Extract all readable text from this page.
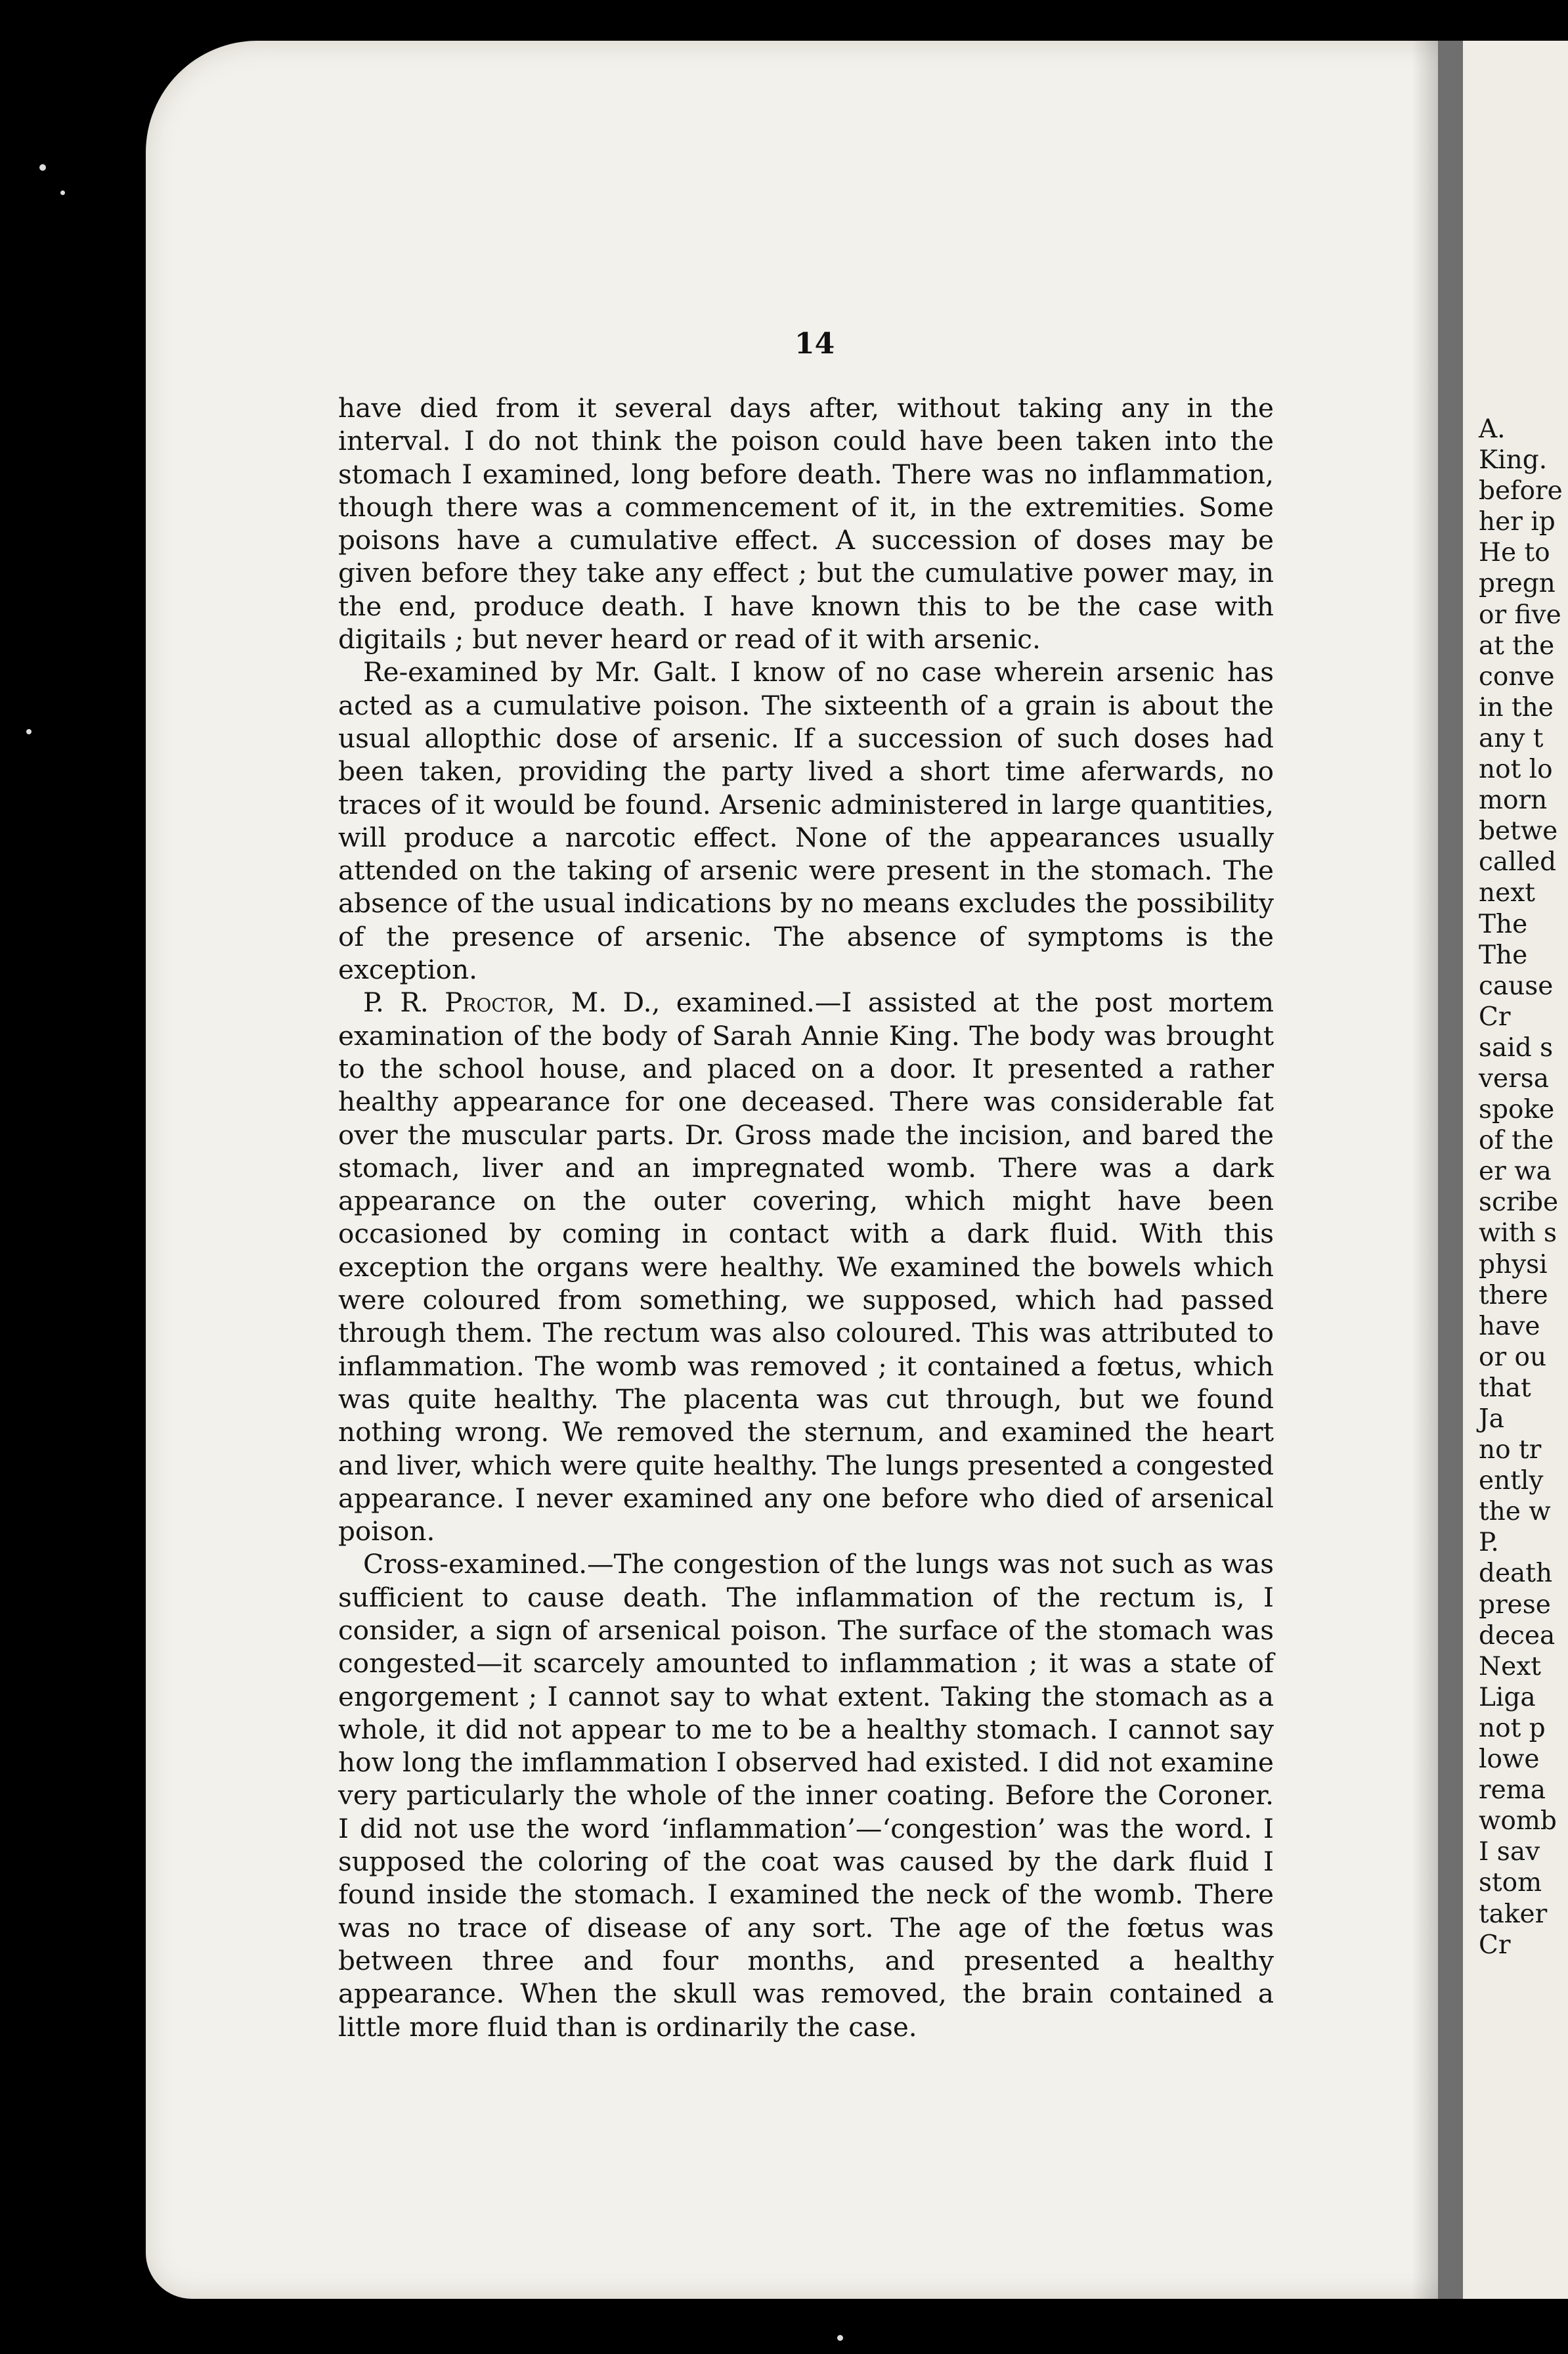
A.
King.
before
her ip
He to
pregn
or five
at the
conve
in the
any t
not lo
morn
betwe
called
next
The
The
cause
Cr
said s
versa
spoke
of the
er wa
scribe
with s
physi
there
have
or ou
that
Ja
no tr
ently
the w
P.
death
prese
decea
Next
Liga
not p
lowe
rema
womb
I sav
stom
taker
Cr
14

have died from it several days after, without taking any in the interval. I do not think the poison could have been taken into the stomach I examined, long before death. There was no inflammation, though there was a commencement of it, in the extremities. Some poisons have a cumulative effect. A succession of doses may be given before they take any effect ; but the cumulative power may, in the end, produce death. I have known this to be the case with digitails ; but never heard or read of it with arsenic.

Re-examined by Mr. Galt. I know of no case wherein arsenic has acted as a cumulative poison. The sixteenth of a grain is about the usual allopthic dose of arsenic. If a succession of such doses had been taken, providing the party lived a short time aferwards, no traces of it would be found. Arsenic administered in large quantities, will produce a narcotic effect. None of the appearances usually attended on the taking of arsenic were present in the stomach. The absence of the usual indications by no means excludes the possibility of the presence of arsenic. The absence of symptoms is the exception.

P. R. Proctor, M. D., examined.—I assisted at the post mortem examination of the body of Sarah Annie King. The body was brought to the school house, and placed on a door. It presented a rather healthy appearance for one deceased. There was considerable fat over the muscular parts. Dr. Gross made the incision, and bared the stomach, liver and an impregnated womb. There was a dark appearance on the outer covering, which might have been occasioned by coming in contact with a dark fluid. With this exception the organs were healthy. We examined the bowels which were coloured from something, we supposed, which had passed through them. The rectum was also coloured. This was attributed to inflammation. The womb was removed ; it contained a fœtus, which was quite healthy. The placenta was cut through, but we found nothing wrong. We removed the sternum, and examined the heart and liver, which were quite healthy. The lungs presented a congested appearance. I never examined any one before who died of arsenical poison.

Cross-examined.—The congestion of the lungs was not such as was sufficient to cause death. The inflammation of the rectum is, I consider, a sign of arsenical poison. The surface of the stomach was congested—it scarcely amounted to inflammation ; it was a state of engorgement ; I cannot say to what extent. Taking the stomach as a whole, it did not appear to me to be a healthy stomach. I cannot say how long the imflammation I observed had existed. I did not examine very particularly the whole of the inner coating. Before the Coroner. I did not use the word ‘inflammation’—‘congestion’ was the word. I supposed the coloring of the coat was caused by the dark fluid I found inside the stomach. I examined the neck of the womb. There was no trace of disease of any sort. The age of the fœtus was between three and four months, and presented a healthy appearance. When the skull was removed, the brain contained a little more fluid than is ordinarily the case.
